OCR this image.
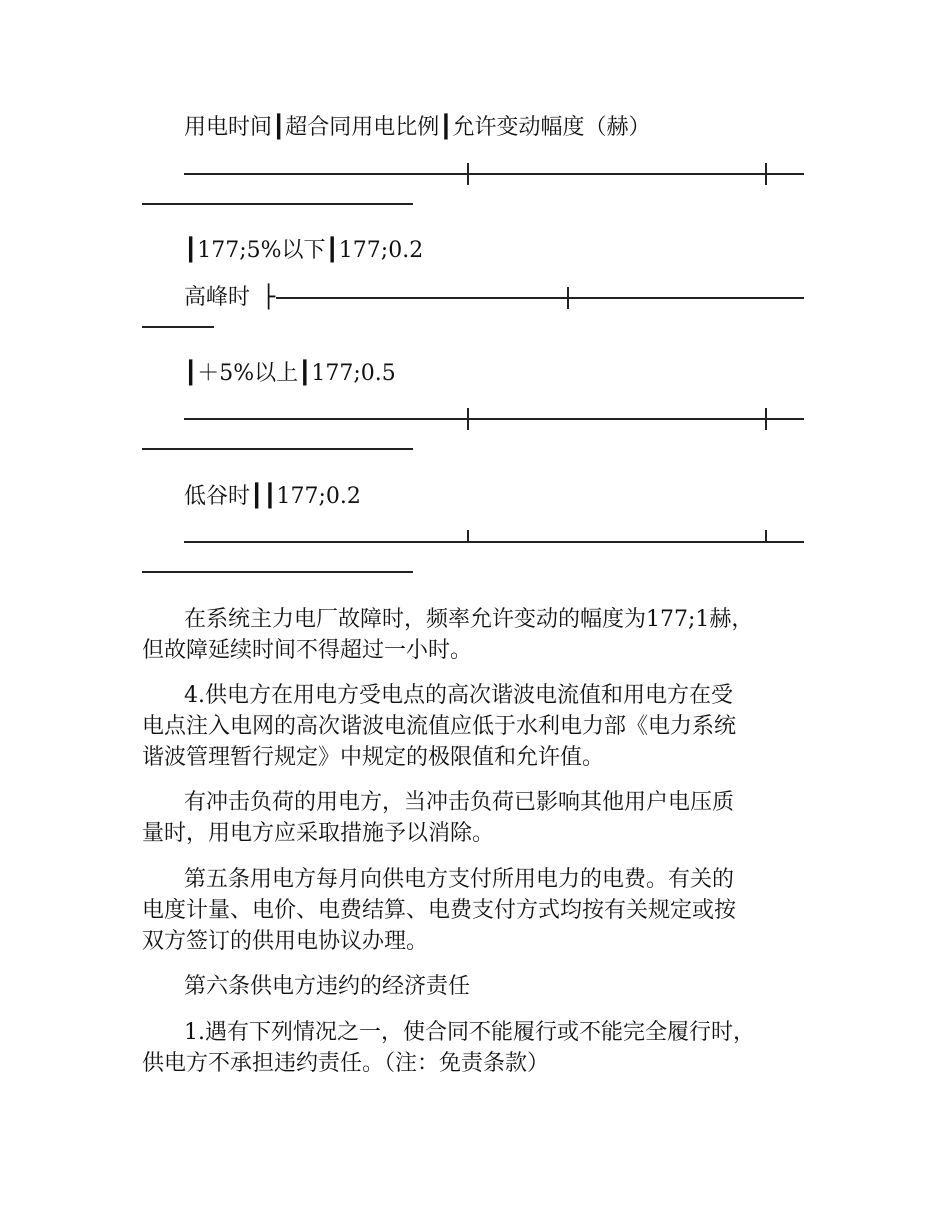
用电时间┃超合同用电比例┃允许变动幅度（赫）
┃177;5%以下┃177;0.2
高峰时 ├
┃＋5%以上┃177;0.5
低谷时┃┃177;0.2
在系统主力电厂故障时，频率允许变动的幅度为177;1赫，
但故障延续时间不得超过一小时。
4.供电方在用电方受电点的高次谐波电流值和用电方在受
电点注入电网的高次谐波电流值应低于水利电力部《电力系统
谐波管理暂行规定》中规定的极限值和允许值。
有冲击负荷的用电方，当冲击负荷已影响其他用户电压质
量时，用电方应采取措施予以消除。
第五条用电方每月向供电方支付所用电力的电费。有关的
电度计量、电价、电费结算、电费支付方式均按有关规定或按
双方签订的供用电协议办理。
第六条供电方违约的经济责任
1.遇有下列情况之一，使合同不能履行或不能完全履行时，
供电方不承担违约责任。（注：免责条款）
